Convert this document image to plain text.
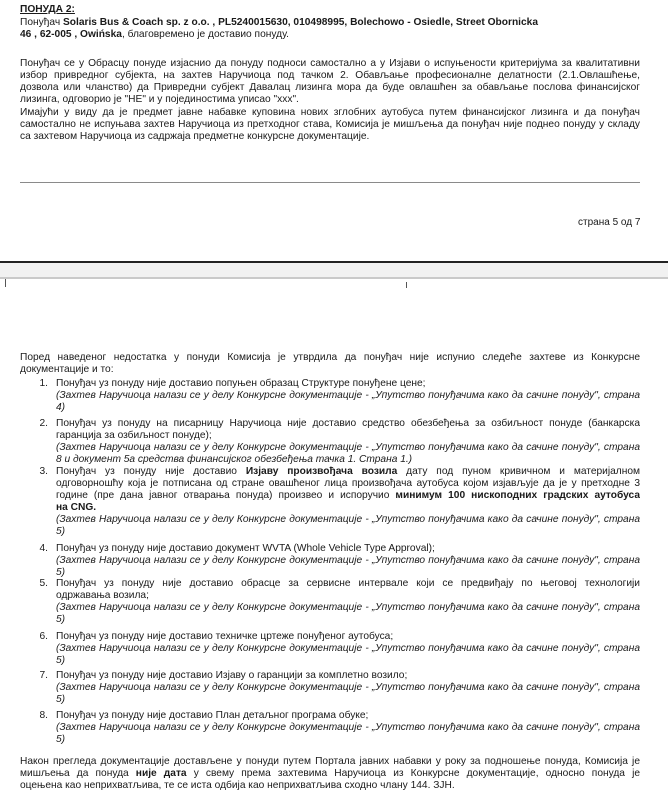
ПОНУДА 2:
Понуђач Solaris Bus & Coach sp. z o.o. , PL5240015630, 010498995, Bolechowo - Osiedle, Street Obornicka
46 , 62-005 , Owińska, благовремено је доставио понуду.
Понуђач се у Обрасцу понуде изјаснио да понуду подноси самостално а у Изјави о испуњености критеријума за квалитативни
избор привредног субјекта, на захтев Наручиоца под тачком 2. Обављање професионалне делатности (2.1.Овлашћење,
дозвола или чланство) да Привредни субјект Давалац лизинга мора да буде овлашћен за обављање послова финансијског
лизинга, одговорио је "НЕ" и у појединостима уписао "ххх".
Имајући у виду да је предмет јавне набавке куповина нових зглобних аутобуса путем финансијског лизинга и да понуђач
самостално не испуњава захтев Наручиоца из претходног става, Комисија је мишљења да понуђач није поднео понуду у складу
са захтевом Наручиоца из садржаја предметне конкурсне документације.
страна 5 од 7
Поред наведеног недостатка у понуди Комисија је утврдила да понуђач није испунио следеће захтеве из Конкурсне
документације и то:
1. Понуђач уз понуду није доставио попуњен образац Структуре понуђене цене;
(Захтев Наручиоца налази се у делу Конкурсне документације - „Упутство понуђачима како да сачине понуду", страна
4)
2. Понуђач уз понуду на писарницу Наручиоца није доставио средство обезбеђења за озбиљност понуде (банкарска
гаранција за озбиљност понуде);
(Захтев Наручиоца налази се у делу Конкурсне документације - „Упутство понуђачима како да сачине понуду", страна
8 и документ 5а средства финансијског обезбеђења тачка 1. Страна 1.)
3. Понуђач уз понуду није доставио Изјаву произвођача возила дату под пуном кривичном и материјалном
одговорношћу која је потписана од стране овашћеног лица произвођача аутобуса којом изјављује да је у претходне 3
године (пре дана јавног отварања понуда) произвео и испоручио минимум 100 нископодних градских аутобуса
на CNG.
(Захтев Наручиоца налази се у делу Конкурсне документације - „Упутство понуђачима како да сачине понуду", страна
5)
4. Понуђач уз понуду није доставио документ WVTA (Whole Vehicle Type Approval);
(Захтев Наручиоца налази се у делу Конкурсне документације - „Упутство понуђачима како да сачине понуду", страна
5)
5. Понуђач уз понуду није доставио обрасце за сервисне интервале који се предвиђају по његовој технологији
одржавања возила;
(Захтев Наручиоца налази се у делу Конкурсне документације - „Упутство понуђачима како да сачине понуду", страна
5)
6. Понуђач уз понуду није доставио техничке цртеже понуђеног аутобуса;
(Захтев Наручиоца налази се у делу Конкурсне документације - „Упутство понуђачима како да сачине понуду", страна
5)
7. Понуђач уз понуду није доставио Изјаву о гаранцији за комплетно возило;
(Захтев Наручиоца налази се у делу Конкурсне документације - „Упутство понуђачима како да сачине понуду", страна
5)
8. Понуђач уз понуду није доставио План детаљног програма обуке;
(Захтев Наручиоца налази се у делу Конкурсне документације - „Упутство понуђачима како да сачине понуду", страна
5)
Након прегледа документације достављене у понуди путем Портала јавних набавки у року за подношење понуда, Комисија је
мишљења да понуда није дата у свему према захтевима Наручиоца из Конкурсне документације, односно понуда је
оцењена као неприхватљива, те се иста одбија као неприхватљива сходно члану 144. ЗЈН.
